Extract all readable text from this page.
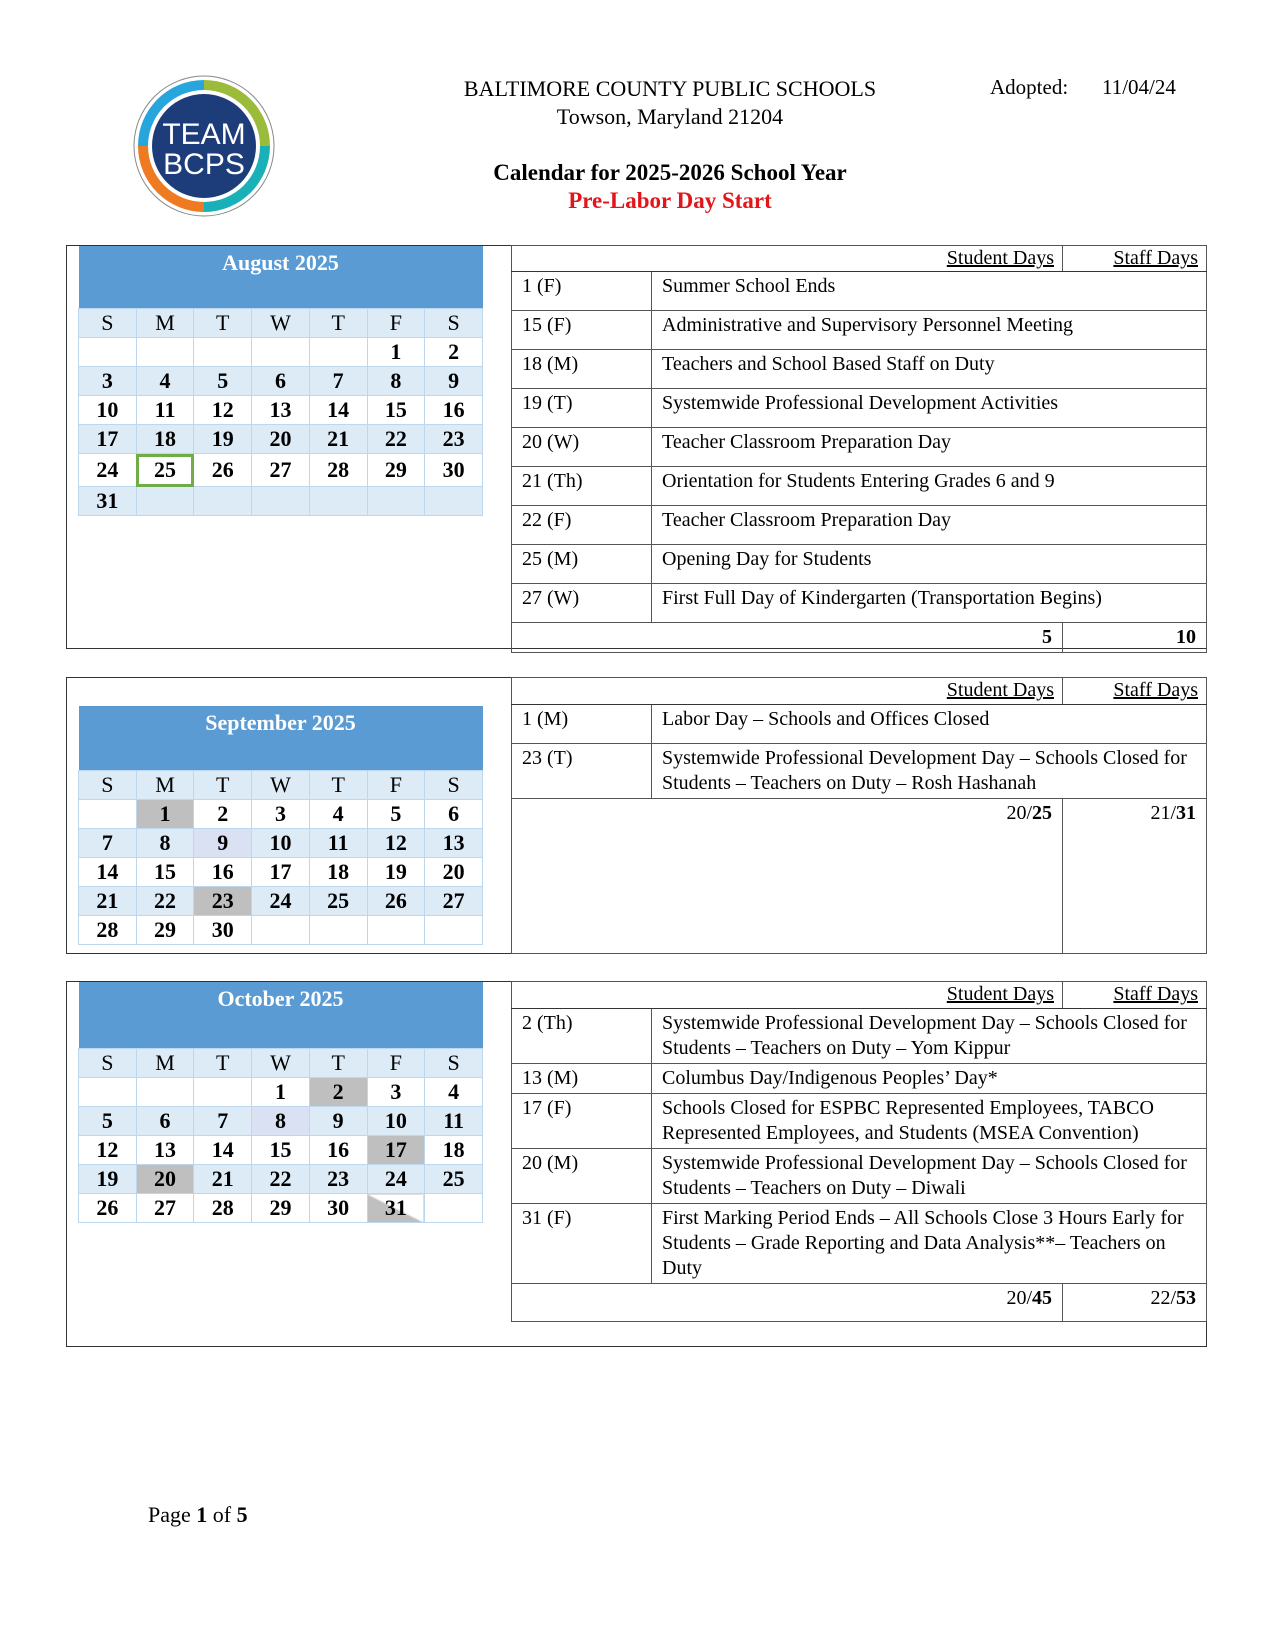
TEAM
BCPS
BALTIMORE COUNTY PUBLIC SCHOOLS
Towson, Maryland 21204
Adopted: 11/04/24
Calendar for 2025-2026 School Year
Pre-Labor Day Start
August 2025						
S	M	T	W	T	F	S
					1	2
3	4	5	6	7	8	9
10	11	12	13	14	15	16
17	18	19	20	21	22	23
24	25	26	27	28	29	30
31						
Student Days		Staff Days
1 (F)	Summer School Ends	
15 (F)	Administrative and Supervisory Personnel Meeting	
18 (M)	Teachers and School Based Staff on Duty	
19 (T)	Systemwide Professional Development Activities	
20 (W)	Teacher Classroom Preparation Day	
21 (Th)	Orientation for Students Entering Grades 6 and 9	
22 (F)	Teacher Classroom Preparation Day	
25 (M)	Opening Day for Students	
27 (W)	First Full Day of Kindergarten (Transportation Begins)	
5		10
September 2025						
S	M	T	W	T	F	S
	1	2	3	4	5	6
7	8	9	10	11	12	13
14	15	16	17	18	19	20
21	22	23	24	25	26	27
28	29	30				
Student Days		Staff Days
1 (M)	Labor Day – Schools and Offices Closed	
23 (T)	Systemwide Professional Development Day – Schools Closed for Students – Teachers on Duty – Rosh Hashanah	
20/25		21/31
October 2025						
S	M	T	W	T	F	S
			1	2	3	4
5	6	7	8	9	10	11
12	13	14	15	16	17	18
19	20	21	22	23	24	25
26	27	28	29	30	31	
Student Days		Staff Days
2 (Th)	Systemwide Professional Development Day – Schools Closed for Students – Teachers on Duty – Yom Kippur	
13 (M)	Columbus Day/Indigenous Peoples’ Day*	
17 (F)	Schools Closed for ESPBC Represented Employees, TABCO Represented Employees, and Students (MSEA Convention)	
20 (M)	Systemwide Professional Development Day – Schools Closed for Students – Teachers on Duty – Diwali	
31 (F)	First Marking Period Ends – All Schools Close 3 Hours Early for Students – Grade Reporting and Data Analysis**– Teachers on Duty	
20/45		22/53
Page 1 of 5
